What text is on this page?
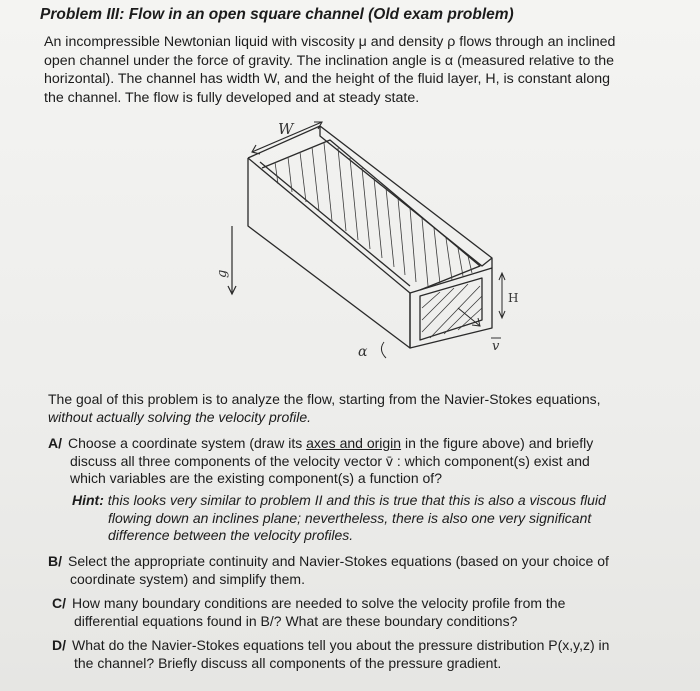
Problem III: Flow in an open square channel (Old exam problem)
An incompressible Newtonian liquid with viscosity μ and density ρ flows through an inclined
open channel under the force of gravity. The inclination angle is α (measured relative to the
horizontal). The channel has width W, and the height of the fluid layer, H, is constant along
the channel. The flow is fully developed and at steady state.
W
H
g
α	v
The goal of this problem is to analyze the flow, starting from the Navier-Stokes equations,
without actually solving the velocity profile.
A/ Choose a coordinate system (draw its axes and origin in the figure above) and briefly
discuss all three components of the velocity vector v̄ : which component(s) exist and
which variables are the existing component(s) a function of?
Hint: this looks very similar to problem II and this is true that this is also a viscous fluid
flowing down an inclines plane; nevertheless, there is also one very significant
difference between the velocity profiles.
B/ Select the appropriate continuity and Navier-Stokes equations (based on your choice of
coordinate system) and simplify them.
C/ How many boundary conditions are needed to solve the velocity profile from the
differential equations found in B/? What are these boundary conditions?
D/ What do the Navier-Stokes equations tell you about the pressure distribution P(x,y,z) in
the channel? Briefly discuss all components of the pressure gradient.
